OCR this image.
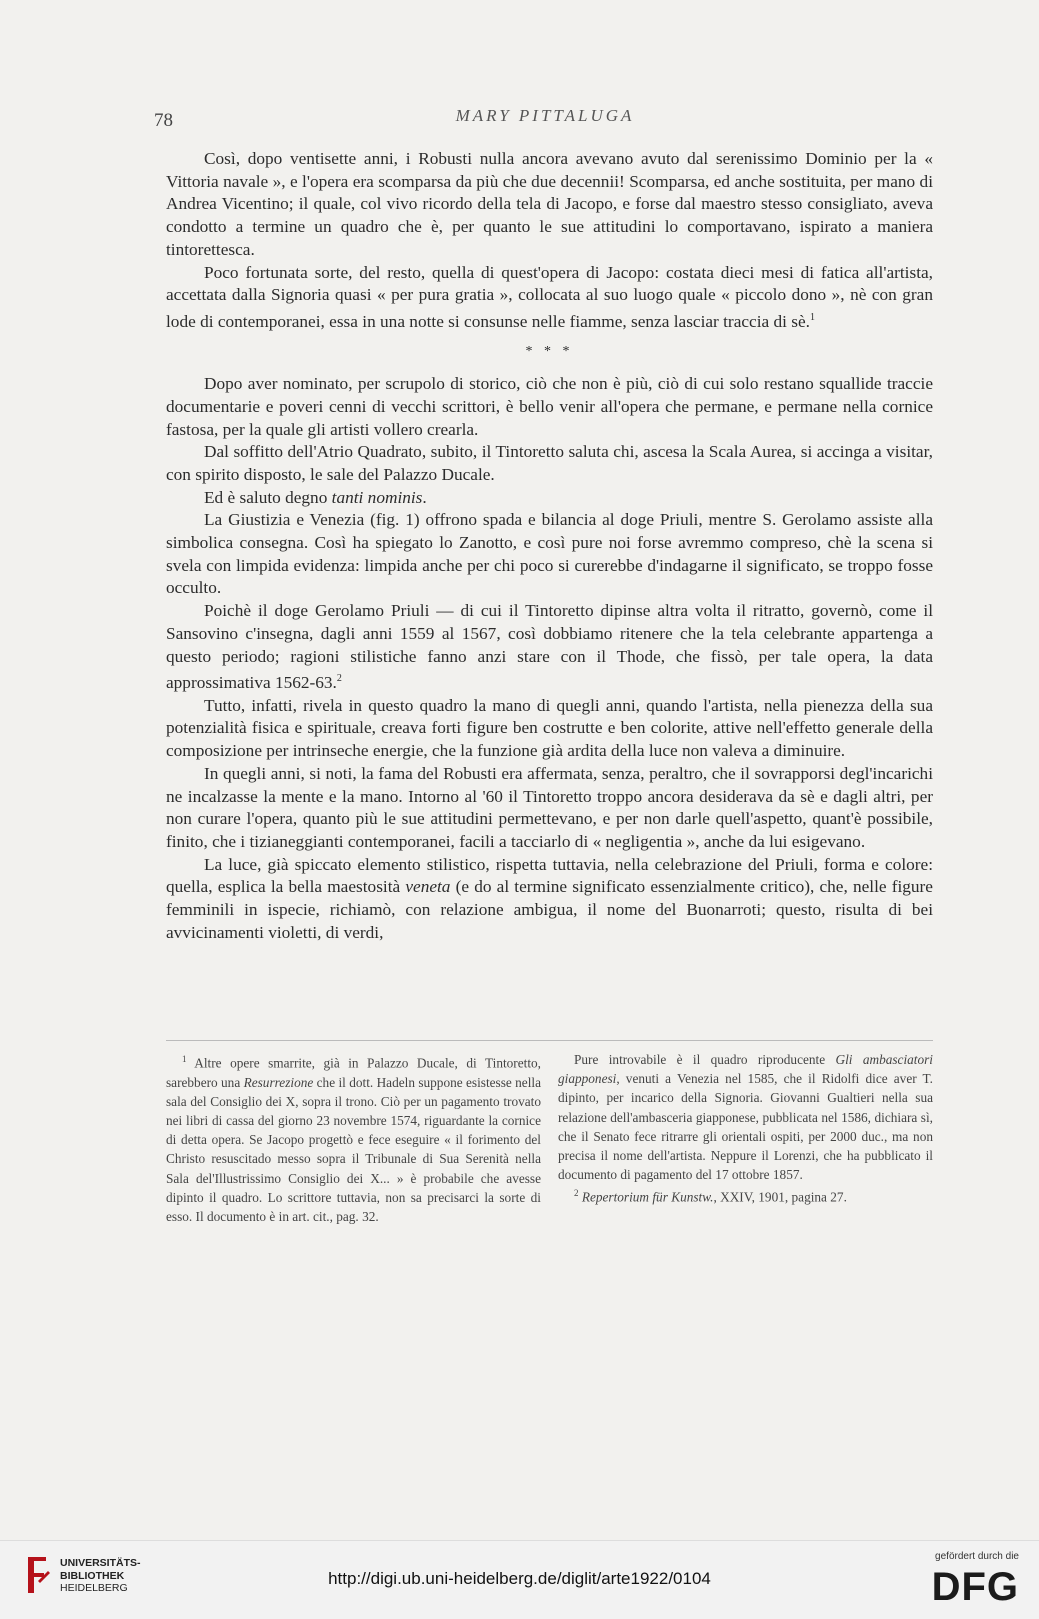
78	MARY PITTALUGA

Così, dopo ventisette anni, i Robusti nulla ancora avevano avuto dal serenissimo Dominio per la « Vittoria navale », e l'opera era scomparsa da più che due decennii! Scomparsa, ed anche sostituita, per mano di Andrea Vicentino; il quale, col vivo ricordo della tela di Jacopo, e forse dal maestro stesso consigliato, aveva condotto a termine un quadro che è, per quanto le sue attitudini lo comportavano, ispirato a maniera tintorettesca.

Poco fortunata sorte, del resto, quella di quest'opera di Jacopo: costata dieci mesi di fatica all'artista, accettata dalla Signoria quasi « per pura gratia », collocata al suo luogo quale « piccolo dono », nè con gran lode di contemporanei, essa in una notte si consunse nelle fiamme, senza lasciar traccia di sè.$^1$

* * *

Dopo aver nominato, per scrupolo di storico, ciò che non è più, ciò di cui solo restano squallide traccie documentarie e poveri cenni di vecchi scrittori, è bello venir all'opera che permane, e permane nella cornice fastosa, per la quale gli artisti vollero crearla.

Dal soffitto dell'Atrio Quadrato, subito, il Tintoretto saluta chi, ascesa la Scala Aurea, si accinga a visitar, con spirito disposto, le sale del Palazzo Ducale.

Ed è saluto degno tanti nominis.

La Giustizia e Venezia (fig. 1) offrono spada e bilancia al doge Priuli, mentre S. Gerolamo assiste alla simbolica consegna. Così ha spiegato lo Zanotto, e così pure noi forse avremmo compreso, chè la scena si svela con limpida evidenza: limpida anche per chi poco si curerebbe d'indagarne il significato, se troppo fosse occulto.

Poichè il doge Gerolamo Priuli — di cui il Tintoretto dipinse altra volta il ritratto, governò, come il Sansovino c'insegna, dagli anni 1559 al 1567, così dobbiamo ritenere che la tela celebrante appartenga a questo periodo; ragioni stilistiche fanno anzi stare con il Thode, che fissò, per tale opera, la data approssimativa 1562-63.$^2$

Tutto, infatti, rivela in questo quadro la mano di quegli anni, quando l'artista, nella pienezza della sua potenzialità fisica e spirituale, creava forti figure ben costrutte e ben colorite, attive nell'effetto generale della composizione per intrinseche energie, che la funzione già ardita della luce non valeva a diminuire.

In quegli anni, si noti, la fama del Robusti era affermata, senza, peraltro, che il sovrapporsi degl'incarichi ne incalzasse la mente e la mano. Intorno al '60 il Tintoretto troppo ancora desiderava da sè e dagli altri, per non curare l'opera, quanto più le sue attitudini permettevano, e per non darle quell'aspetto, quant'è possibile, finito, che i tizianeggianti contemporanei, facili a tacciarlo di « negligentia », anche da lui esigevano.

La luce, già spiccato elemento stilistico, rispetta tuttavia, nella celebrazione del Priuli, forma e colore: quella, esplica la bella maestosità veneta (e do al termine significato essenzialmente critico), che, nelle figure femminili in ispecie, richiamò, con relazione ambigua, il nome del Buonarroti; questo, risulta di bei avvicinamenti violetti, di verdi,

$^1$ Altre opere smarrite, già in Palazzo Ducale, di Tintoretto, sarebbero una Resurrezione che il dott. Hadeln suppone esistesse nella sala del Consiglio dei X, sopra il trono. Ciò per un pagamento trovato nei libri di cassa del giorno 23 novembre 1574, riguardante la cornice di detta opera. Se Jacopo progettò e fece eseguire « il forimento del Christo resuscitado messo sopra il Tribunale di Sua Serenità nella Sala del'Illustrissimo Consiglio dei X... » è probabile che avesse dipinto il quadro. Lo scrittore tuttavia, non sa precisarci la sorte di esso. Il documento è in art. cit., pag. 32.

Pure introvabile è il quadro riproducente Gli ambasciatori giapponesi, venuti a Venezia nel 1585, che il Ridolfi dice aver T. dipinto, per incarico della Signoria. Giovanni Gualtieri nella sua relazione dell'ambasceria giapponese, pubblicata nel 1586, dichiara sì, che il Senato fece ritrarre gli orientali ospiti, per 2000 duc., ma non precisa il nome dell'artista. Neppure il Lorenzi, che ha pubblicato il documento di pagamento del 17 ottobre 1857.

$^2$ Repertorium für Kunstw., XXIV, 1901, pagina 27.

UNIVERSITÄTS-
BIBLIOTHEK
HEIDELBERG	http://digi.ub.uni-heidelberg.de/diglit/arte1922/0104
gefördert durch die
DFG
